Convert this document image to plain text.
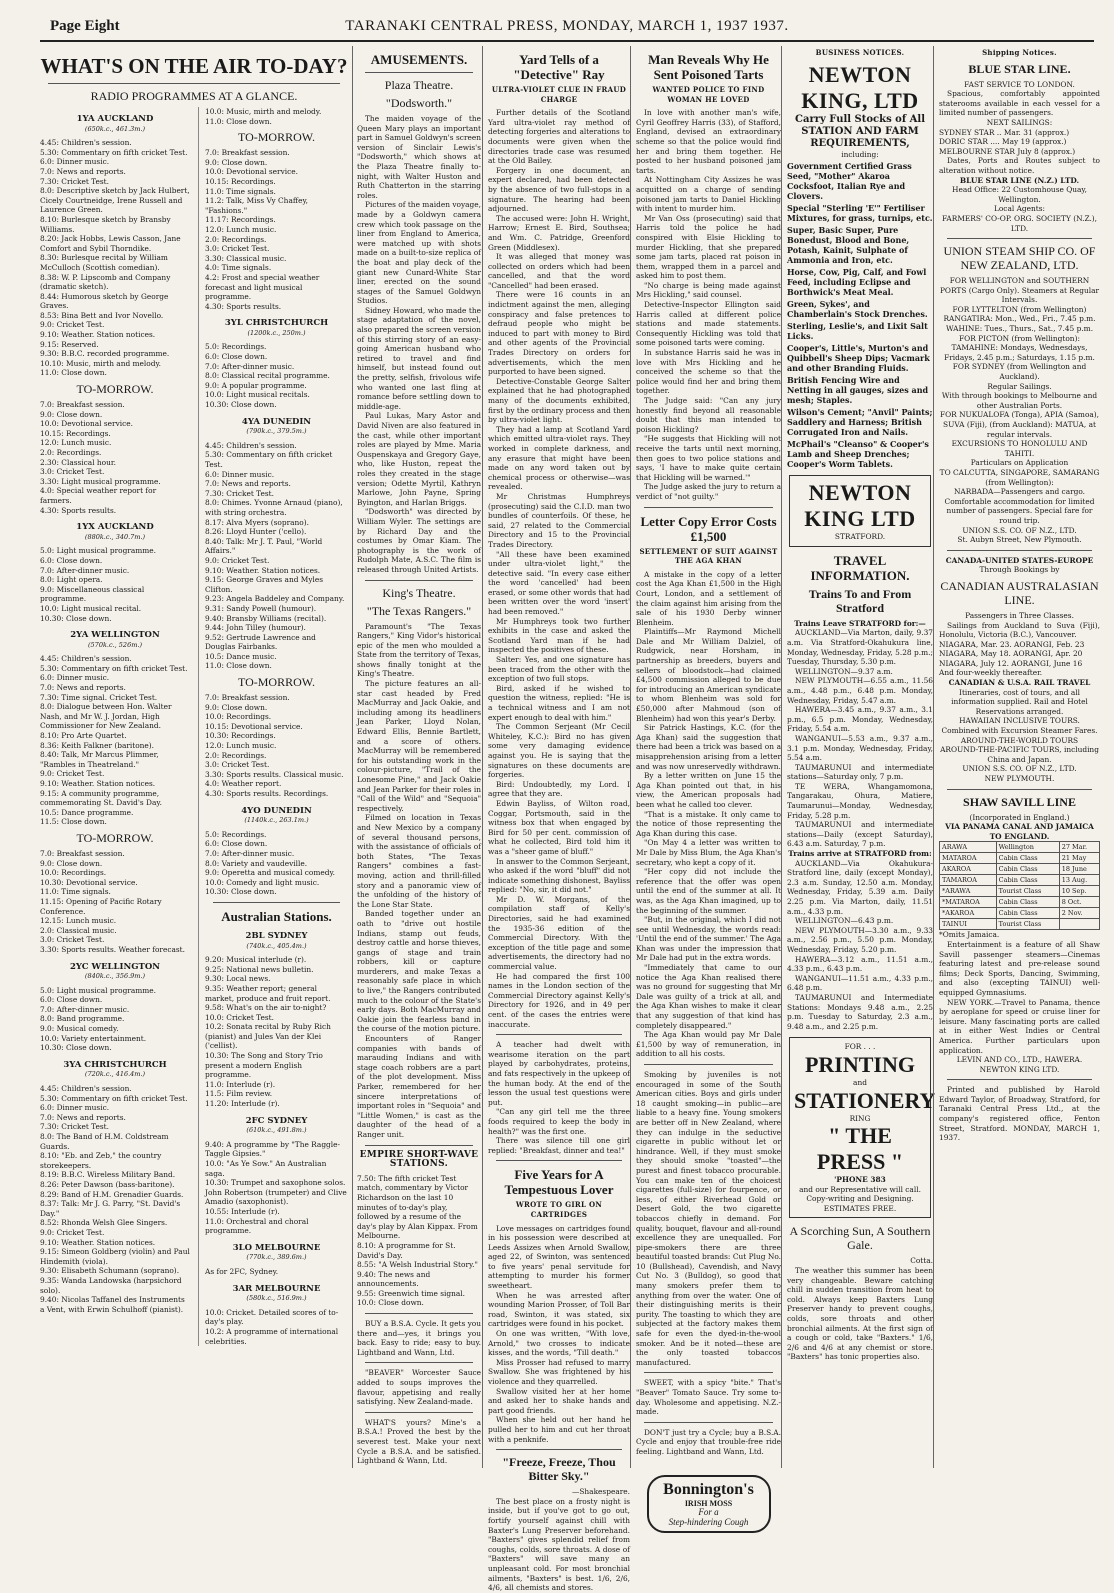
Page Eight	TARANAKI CENTRAL PRESS, MONDAY, MARCH 1, 1937 1937.
WHAT'S ON THE AIR TO-DAY?
RADIO PROGRAMMES AT A GLANCE.
1YA AUCKLAND
(650k.c., 461.3m.)
4.45: Children's session.
5.30: Commentary on fifth cricket Test.
6.0: Dinner music.
7.0: News and reports.
7.30: Cricket Test.
8.0: Descriptive sketch by Jack Hulbert, Cicely Courtneidge, Irene Russell and Laurence Green.
8.10: Burlesque sketch by Bransby Williams.
8.20: Jack Hobbs, Lewis Casson, Jane Comfort and Sybil Thorndike.
8.30: Burlesque recital by William McCulloch (Scottish comedian).
8.38: W. P. Lipscomb and Company (dramatic sketch).
8.44: Humorous sketch by George Graves.
8.53: Bina Bett and Ivor Novello.
9.0: Cricket Test.
9.10: Weather. Station notices.
9.15: Reserved.
9.30: B.B.C. recorded programme.
10.10: Music, mirth and melody.
11.0: Close down.
TO-MORROW.
7.0: Breakfast session.
9.0: Close down.
10.0: Devotional service.
10.15: Recordings.
12.0: Lunch music.
2.0: Recordings.
2.30: Classical hour.
3.0: Cricket Test.
3.30: Light musical programme.
4.0: Special weather report for farmers.
4.30: Sports results.
1YX AUCKLAND
(880k.c., 340.7m.)
5.0: Light musical programme.
6.0: Close down.
7.0: After-dinner music.
8.0: Light opera.
9.0: Miscellaneous classical programme.
10.0: Light musical recital.
10.30: Close down.
2YA WELLINGTON
(570k.c., 526m.)
4.45: Children's session.
5.30: Commentary on fifth cricket Test.
6.0: Dinner music.
7.0: News and reports.
7.30: Time signal. Cricket Test.
8.0: Dialogue between Hon. Walter Nash, and Mr W. J. Jordan, High Commissioner for New Zealand.
8.10: Pro Arte Quartet.
8.36: Keith Falkner (baritone).
8.40: Talk, Mr Marcus Plimmer, "Rambles in Theatreland."
9.0: Cricket Test.
9.10: Weather. Station notices.
9.15: A community programme, commemorating St. David's Day.
10.5: Dance programme.
11.5: Close down.
TO-MORROW.
7.0: Breakfast session.
9.0: Close down.
10.0: Recordings.
10.30: Devotional service.
11.0: Time signals.
11.15: Opening of Pacific Rotary Conference.
12.15: Lunch music.
2.0: Classical music.
3.0: Cricket Test.
3.30: Sports results. Weather forecast.
2YC WELLINGTON
(840k.c., 356.9m.)
5.0: Light musical programme.
6.0: Close down.
7.0: After-dinner music.
8.0: Band programme.
9.0: Musical comedy.
10.0: Variety entertainment.
10.30: Close down.
3YA CHRISTCHURCH
(720k.c., 416.4m.)
4.45: Children's session.
5.30: Commentary on fifth cricket Test.
6.0: Dinner music.
7.0: News and reports.
7.30: Cricket Test.
8.0: The Band of H.M. Coldstream Guards.
8.10: "Eb. and Zeb," the country storekeepers.
8.19: B.B.C. Wireless Military Band.
8.26: Peter Dawson (bass-baritone).
8.29: Band of H.M. Grenadier Guards.
8.37: Talk: Mr J. G. Parry, "St. David's Day."
8.52: Rhonda Welsh Glee Singers.
9.0: Cricket Test.
9.10: Weather. Station notices.
9.15: Simeon Goldberg (violin) and Paul Hindemith (viola).
9.30: Elisabeth Schumann (soprano).
9.35: Wanda Landowska (harpsichord solo).
9.40: Nicolas Taffanel des Instruments a Vent, with Erwin Schulhoff (pianist).
10.0: Music, mirth and melody.
11.0: Close down.
TO-MORROW.
7.0: Breakfast session.
9.0: Close down.
10.0: Devotional service.
10.15: Recordings.
11.0: Time signals.
11.2: Talk, Miss Vy Chaffey, "Fashions."
11.17: Recordings.
12.0: Lunch music.
2.0: Recordings.
3.0: Cricket Test.
3.30: Classical music.
4.0: Time signals.
4.2: Frost and special weather forecast and light musical programme.
4.30: Sports results.
3YL CHRISTCHURCH
(1200k.c., 250m.)
5.0: Recordings.
6.0: Close down.
7.0: After-dinner music.
8.0: Classical recital programme.
9.0: A popular programme.
10.0: Light musical recitals.
10.30: Close down.
4YA DUNEDIN
(790k.c., 379.5m.)
4.45: Children's session.
5.30: Commentary on fifth cricket Test.
6.0: Dinner music.
7.0: News and reports.
7.30: Cricket Test.
8.0: Chimes. Yvonne Arnaud (piano), with string orchestra.
8.17: Alva Myers (soprano).
8.26: Lloyd Hunter ('cello).
8.40: Talk: Mr J. T. Paul, "World Affairs."
9.0: Cricket Test.
9.10: Weather. Station notices.
9.15: George Graves and Myles Clifton.
9.23: Angela Baddeley and Company.
9.31: Sandy Powell (humour).
9.40: Bransby Williams (recital).
9.44: John Tilley (humour).
9.52: Gertrude Lawrence and Douglas Fairbanks.
10.5: Dance music.
11.0: Close down.
TO-MORROW.
7.0: Breakfast session.
9.0: Close down.
10.0: Recordings.
10.15: Devotional service.
10.30: Recordings.
12.0: Lunch music.
2.0: Recordings.
3.0: Cricket Test.
3.30: Sports results. Classical music.
4.0: Weather report.
4.30: Sports results. Recordings.
4YO DUNEDIN
(1140k.c., 263.1m.)
5.0: Recordings.
6.0: Close down.
7.0: After-dinner music.
8.0: Variety and vaudeville.
9.0: Operetta and musical comedy.
10.0: Comedy and light music.
10.30: Close down.
Australian Stations.
2BL SYDNEY
(740k.c., 405.4m.)
9.20: Musical interlude (r).
9.25: National news bulletin.
9.30: Local news.
9.35: Weather report; general market, produce and fruit report.
9.58: What's on the air to-night?
10.0: Cricket Test.
10.2: Sonata recital by Ruby Rich (pianist) and Jules Van der Klei ('cellist).
10.30: The Song and Story Trio present a modern English programme.
11.0: Interlude (r).
11.5: Film review.
11.20: Interlude (r).
2FC SYDNEY
(610k.c., 491.8m.)
9.40: A programme by "The Raggle-Taggle Gipsies."
10.0: "As Ye Sow." An Australian saga.
10.30: Trumpet and saxophone solos. John Robertson (trumpeter) and Clive Amadio (saxophonist).
10.55: Interlude (r).
11.0: Orchestral and choral programme.
3LO MELBOURNE
(770k.c., 389.6m.)
As for 2FC, Sydney.
3AR MELBOURNE
(580k.c., 516.9m.)
10.0: Cricket. Detailed scores of to-day's play.
10.2: A programme of international celebrities.
AMUSEMENTS.
Plaza Theatre.
"Dodsworth."

The maiden voyage of the Queen Mary plays an important part in Samuel Goldwyn's screen version of Sinclair Lewis's "Dodsworth," which shows at the Plaza Theatre finally to-night, with Walter Huston and Ruth Chatterton in the starring roles.

Pictures of the maiden voyage, made by a Goldwyn camera crew which took passage on the liner from England to America, were matched up with shots made on a built-to-size replica of the boat and play deck of the giant new Cunard-White Star liner, erected on the sound stages of the Samuel Goldwyn Studios.

Sidney Howard, who made the stage adaptation of the novel, also prepared the screen version of this stirring story of an easy-going American husband who retired to travel and find himself, but instead found out the pretty, selfish, frivolous wife who wanted one last fling at romance before settling down to middle-age.

Paul Lukas, Mary Astor and David Niven are also featured in the cast, while other important roles are played by Mme. Maria Ouspenskaya and Gregory Gaye, who, like Huston, repeat the roles they created in the stage version; Odette Myrtil, Kathryn Marlowe, John Payne, Spring Byington, and Harlan Briggs.

"Dodsworth" was directed by William Wyler. The settings are by Richard Day and the costumes by Omar Kiam. The photography is the work of Rudolph Mate, A.S.C. The film is released through United Artists.

King's Theatre.
"The Texas Rangers."

Paramount's "The Texas Rangers," King Vidor's historical epic of the men who moulded a State from the territory of Texas, shows finally tonight at the King's Theatre.

The picture features an all-star cast headed by Fred MacMurray and Jack Oakie, and including among its headliners Jean Parker, Lloyd Nolan, Edward Ellis, Bennie Bartlett, and a score of others. MacMurray will be remembered for his outstanding work in the colour-picture, "Trail of the Lonesome Pine," and Jack Oakie and Jean Parker for their roles in "Call of the Wild" and "Sequoia" respectively.

Filmed on location in Texas and New Mexico by a company of several thousand persons, with the assistance of officials of both States, "The Texas Rangers" combines a fast-moving, action and thrill-filled story and a panoramic view of the unfolding of the history of the Lone Star State.

Banded together under an oath to "drive out hostile Indians, stamp out feuds, destroy cattle and horse thieves, gangs of stage and train robbers, kill or capture murderers, and make Texas a reasonably safe place in which to live," the Rangers contributed much to the colour of the State's early days. Both MacMurray and Oakie join the fearless band in the course of the motion picture.

Encounters of Ranger companies with bands of marauding Indians and with stage coach robbers are a part of the plot development. Miss Parker, remembered for her sincere interpretations of important roles in "Sequoia" and "Little Women," is cast as the daughter of the head of a Ranger unit.

EMPIRE SHORT-WAVE STATIONS.
7.50: The fifth cricket Test match, commentary by Victor Richardson on the last 10 minutes of to-day's play, followed by a resume of the day's play by Alan Kippax. From Melbourne.
8.10: A programme for St. David's Day.
8.55: "A Welsh Industrial Story."
9.40: The news and announcements.
9.55: Greenwich time signal.
10.0: Close down.

BUY a B.S.A. Cycle. It gets you there and—yes, it brings you back. Easy to ride; easy to buy. Lightband and Wann, Ltd.

"BEAVER" Worcester Sauce added to soups improves the flavour, appetising and really satisfying. New Zealand-made.

WHAT'S yours? Mine's a B.S.A.! Proved the best by the severest test. Make your next Cycle a B.S.A. and be satisfied. Lightband & Wann, Ltd.

Yard Tells of a "Detective" Ray
ULTRA-VIOLET CLUE IN FRAUD CHARGE

Further details of the Scotland Yard ultra-violet ray method of detecting forgeries and alterations to documents were given when the directories trade case was resumed at the Old Bailey.

Forgery in one document, an expert declared, had been detected by the absence of two full-stops in a signature. The hearing had been adjourned.

The accused were: John H. Wright, Harrow; Ernest E. Bird, Southsea; and Wm. C. Patridge, Greenford Green (Middlesex).

It was alleged that money was collected on orders which had been cancelled, and that the word "Cancelled" had been erased.

There were 16 counts in an indictment against the men, alleging conspiracy and false pretences to defraud people who might be induced to part with money to Bird and other agents of the Provincial Trades Directory on orders for advertisements, which the men purported to have been signed.

Detective-Constable George Salter explained that he had photographed many of the documents exhibited, first by the ordinary process and then by ultra-violet light.

They had a lamp at Scotland Yard which emitted ultra-violet rays. They worked in complete darkness, and any erasure that might have been made on any word taken out by chemical process or otherwise—was revealed.

Mr Christmas Humphreys (prosecuting) said the C.I.D. man two bundles of counterfoils. Of these, he said, 27 related to the Commercial Directory and 15 to the Provincial Trades Directory.

"All these have been examined under ultra-violet light," the detective said. "In every case either the word 'cancelled' had been erased, or some other words that had been written over the word 'insert' had been removed."

Mr Humphreys took two further exhibits in the case and asked the Scotland Yard man if he had inspected the positives of these.

Salter: Yes, and one signature has been traced from the other with the exception of two full stops.

Bird, asked if he wished to question the witness, replied: "He is a technical witness and I am not expert enough to deal with him."

The Common Serjeant (Mr Cecil Whiteley, K.C.): Bird no has given some very damaging evidence against you. He is saying that the signatures on these documents are forgeries.

Bird: Undoubtedly, my Lord. I agree that they are.

Edwin Bayliss, of Wilton road, Coggar, Portsmouth, said in the witness box that when engaged by Bird for 50 per cent. commission of what he collected, Bird told him it was a "sheer game of bluff."

In answer to the Common Serjeant, who asked if the word "bluff" did not indicate something dishonest, Bayliss replied: "No, sir, it did not."

Mr D. W. Morgans, of the compilation staff of Kelly's Directories, said he had examined the 1935-36 edition of the Commercial Directory. With the exception of the title page and some advertisements, the directory had no commercial value.

He had compared the first 100 names in the London section of the Commercial Directory against Kelly's Directory for 1926, and in 49 per cent. of the cases the entries were inaccurate.

A teacher had dwelt with wearisome iteration on the part played by carbohydrates, proteins, and fats respectively in the upkeep of the human body. At the end of the lesson the usual test questions were put.

"Can any girl tell me the three foods required to keep the body in health?" was the first one.

There was silence till one girl replied: "Breakfast, dinner and tea!"

Five Years for A Tempestuous Lover
WROTE TO GIRL ON CARTRIDGES

Love messages on cartridges found in his possession were described at Leeds Assizes when Arnold Swallow, aged 22, of Swinton, was sentenced to five years' penal servitude for attempting to murder his former sweetheart.

When he was arrested after wounding Marion Prosser, of Toll Bar road, Swinton, it was stated, six cartridges were found in his pocket.

On one was written, "With love, Arnold," two crosses to indicate kisses, and the words, "Till death."

Miss Prosser had refused to marry Swallow. She was frightened by his violence and they quarrelled.

Swallow visited her at her home and asked her to shake hands and part good friends.

When she held out her hand he pulled her to him and cut her throat with a penknife.

"Freeze, Freeze, Thou Bitter Sky."
—Shakespeare.

The best place on a frosty night is inside, but if you've got to go out, fortify yourself against chill with Baxter's Lung Preserver beforehand. "Baxters" gives splendid relief from coughs, colds, sore throats. A dose of "Baxters" will save many an unpleasant cold. For most bronchial ailments, "Baxters" is best. 1/6, 2/6, 4/6, all chemists and stores.

Man Reveals Why He Sent Poisoned Tarts
WANTED POLICE TO FIND WOMAN HE LOVED

In love with another man's wife, Cyril Geoffrey Harris (33), of Stafford, England, devised an extraordinary scheme so that the police would find her and bring them together. He posted to her husband poisoned jam tarts.

At Nottingham City Assizes he was acquitted on a charge of sending poisoned jam tarts to Daniel Hickling with intent to murder him.

Mr Van Oss (prosecuting) said that Harris told the police he had conspired with Elsie Hickling to murder Hickling, that she prepared some jam tarts, placed rat poison in them, wrapped them in a parcel and asked him to post them.

"No charge is being made against Mrs Hickling," said counsel.

Detective-Inspector Ellington said Harris called at different police stations and made statements. Consequently Hickling was told that some poisoned tarts were coming.

In substance Harris said he was in love with Mrs Hickling and he conceived the scheme so that the police would find her and bring them together.

The Judge said: "Can any jury honestly find beyond all reasonable doubt that this man intended to poison Hickling?

"He suggests that Hickling will not receive the tarts until next morning, then goes to two police stations and says, 'I have to make quite certain that Hickling will be warned.'"

The Judge asked the jury to return a verdict of "not guilty."

Letter Copy Error Costs £1,500
SETTLEMENT OF SUIT AGAINST THE AGA KHAN

A mistake in the copy of a letter cost the Aga Khan £1,500 in the High Court, London, and a settlement of the claim against him arising from the sale of his 1930 Derby winner Blenheim.

Plaintiffs—Mr Raymond Michell Dale and Mr William Dalziel, of Rudgwick, near Horsham, in partnership as breeders, buyers and sellers of bloodstock—had claimed £4,500 commission alleged to be due for introducing an American syndicate to whom Blenheim was sold for £50,000 after Mahmoud (son of Blenheim) had won this year's Derby.

Sir Patrick Hastings, K.C. (for the Aga Khan) said the suggestion that there had been a trick was based on a misapprehension arising from a letter and was now unreservedly withdrawn.

By a letter written on June 15 the Aga Khan pointed out that, in his view, the American proposals had been what he called too clever.

"That is a mistake. It only came to the notice of those representing the Aga Khan during this case.

"On May 4 a letter was written to Mr Dale by Miss Blum, the Aga Khan's secretary, who kept a copy of it.

"Her copy did not include the reference that the offer was open until the end of the summer at all. It was, as the Aga Khan imagined, up to the beginning of the summer.

"But, in the original, which I did not see until Wednesday, the words read: 'Until the end of the summer.' The Aga Khan was under the impression that Mr Dale had put in the extra words.

"Immediately that came to our notice the Aga Khan realised there was no ground for suggesting that Mr Dale was guilty of a trick at all, and the Aga Khan wishes to make it clear that any suggestion of that kind has completely disappeared."

The Aga Khan would pay Mr Dale £1,500 by way of remuneration, in addition to all his costs.

Smoking by juveniles is not encouraged in some of the South American cities. Boys and girls under 18 caught smoking—in public—are liable to a heavy fine. Young smokers are better off in New Zealand, where they can indulge in the seductive cigarette in public without let or hindrance. Well, if they must smoke they should smoke "toasted"—the purest and finest tobacco procurable. You can make ten of the choicest cigarettes (full-size) for fourpence, or less, of either Riverhead Gold or Desert Gold, the two cigarette tobaccos chiefly in demand. For quality, bouquet, flavour and all-round excellence they are unequalled. For pipe-smokers there are three beautiful toasted brands: Cut Plug No. 10 (Bullshead), Cavendish, and Navy Cut No. 3 (Bulldog), so good that many smokers prefer them to anything from over the water. One of their distinguishing merits is their purity. The toasting to which they are subjected at the factory makes them safe for even the dyed-in-the-wool smoker. And be it noted—these are the only toasted tobaccos manufactured.

SWEET, with a spicy "bite." That's "Beaver" Tomato Sauce. Try some to-day. Wholesome and appetising. N.Z.-made.

DON'T just try a Cycle; buy a B.S.A. Cycle and enjoy that trouble-free ride feeling. Lightband and Wann, Ltd.

Bonnington's
IRISH MOSS
For a
Step-hindering Cough
BUSINESS NOTICES.
NEWTON KING, LTD
Carry Full Stocks of All STATION AND FARM REQUIREMENTS,
including:
Government Certified Grass Seed, "Mother" Akaroa Cocksfoot, Italian Rye and Clovers.
Special "Sterling 'E'" Fertiliser Mixtures, for grass, turnips, etc.
Super, Basic Super, Pure Bonedust, Blood and Bone, Potash, Kainit, Sulphate of Ammonia and Iron, etc.
Horse, Cow, Pig, Calf, and Fowl Feed, including Eclipse and Borthwick's Meat Meal.
Green, Sykes', and Chamberlain's Stock Drenches.
Sterling, Leslie's, and Lixit Salt Licks.
Cooper's, Little's, Murton's and Quibbell's Sheep Dips; Vacmark and other Branding Fluids.
British Fencing Wire and Netting in all gauges, sizes and mesh; Staples.
Wilson's Cement; "Anvil" Paints; Saddlery and Harness; British Corrugated Iron and Nails.
McPhail's "Cleanso" & Cooper's Lamb and Sheep Drenches; Cooper's Worm Tablets.
NEWTON KING LTD
STRATFORD.
TRAVEL INFORMATION.
Trains To and From Stratford
Trains Leave STRATFORD for:—

AUCKLAND—Via Marton, daily, 9.37 a.m. Via Stratford-Okahukura line, Monday, Wednesday, Friday, 5.28 p.m.; Tuesday, Thursday, 5.30 p.m.

WELLINGTON—9.37 a.m.

NEW PLYMOUTH—6.55 a.m., 11.56 a.m., 4.48 p.m., 6.48 p.m. Monday, Wednesday, Friday, 5.47 a.m.

HAWERA—3.45 a.m., 9.37 a.m., 3.1 p.m., 6.5 p.m. Monday, Wednesday, Friday, 5.54 a.m.

WANGANUI—5.53 a.m., 9.37 a.m., 3.1 p.m. Monday, Wednesday, Friday, 5.54 a.m.

TAUMARUNUI and intermediate stations—Saturday only, 7 p.m.

TE WERA, Whangamomona, Tangarakau, Ohura, Matiere, Taumarunui—Monday, Wednesday, Friday, 5.28 p.m.

TAUMARUNUI and intermediate stations—Daily (except Saturday), 6.43 a.m. Saturday, 7 p.m.

Trains arrive at STRATFORD from:

AUCKLAND—Via Okahukura-Stratford line, daily (except Monday), 2.3 a.m. Sunday, 12.50 a.m. Monday, Wednesday, Friday, 5.39 a.m. Daily 2.25 p.m. Via Marton, daily, 11.51 a.m., 4.33 p.m.

WELLINGTON—6.43 p.m.

NEW PLYMOUTH—3.30 a.m., 9.33 a.m., 2.56 p.m., 5.50 p.m. Monday, Wednesday, Friday, 5.20 p.m.

HAWERA—3.12 a.m., 11.51 a.m., 4.33 p.m., 6.43 p.m.

WANGANUI—11.51 a.m., 4.33 p.m., 6.48 p.m.

TAUMARUNUI and Intermediate Stations: Mondays 9.48 a.m., 2.25 p.m. Tuesday to Saturday, 2.3 a.m., 9.48 a.m., and 2.25 p.m.

FOR . . .
PRINTING
and
STATIONERY
RING
" THE PRESS "
'PHONE 383
and our Representative will call.
Copy-writing and Designing.
ESTIMATES FREE.
A Scorching Sun, A Southern Gale.
Cotta.

The weather this summer has been very changeable. Beware catching chill in sudden transition from heat to cold. Always keep Baxters Lung Preserver handy to prevent coughs, colds, sore throats and other bronchial ailments. At the first sign of a cough or cold, take "Baxters." 1/6, 2/6 and 4/6 at any chemist or store. "Baxters" has tonic properties also.

Shipping Notices.
BLUE STAR LINE.
FAST SERVICE TO LONDON.

Spacious, comfortably appointed staterooms available in each vessel for a limited number of passengers.

NEXT SAILINGS:
SYDNEY STAR .. Mar. 31 (approx.)
DORIC STAR .... May 19 (approx.)
MELBOURNE STAR July 8 (approx.)

Dates, Ports and Routes subject to alteration without notice.

BLUE STAR LINE (N.Z.) LTD.
Head Office: 22 Customhouse Quay, Wellington.
Local Agents:
FARMERS' CO-OP. ORG. SOCIETY (N.Z.), LTD.
UNION STEAM SHIP CO. OF NEW ZEALAND, LTD.
FOR WELLINGTON and SOUTHERN PORTS (Cargo Only). Steamers at Regular Intervals.
FOR LYTTELTON (from Wellington)
RANGATIRA: Mon., Wed., Fri., 7.45 p.m.
WAHINE: Tues., Thurs., Sat., 7.45 p.m.
FOR PICTON (from Wellington):
TAMAHINE: Mondays, Wednesdays, Fridays, 2.45 p.m.; Saturdays, 1.15 p.m.
FOR SYDNEY (from Wellington and Auckland).
Regular Sailings.
With through bookings to Melbourne and other Australian Ports.
FOR NUKUALOFA (Tonga), APIA (Samoa), SUVA (Fiji), (from Auckland): MATUA, at regular intervals.
EXCURSIONS TO HONOLULU AND TAHITI.
Particulars on Application
TO CALCUTTA, SINGAPORE, SAMARANG (from Wellington):
NARBADA—Passengers and cargo. Comfortable accommodation for limited number of passengers. Special fare for round trip.
UNION S.S. CO. OF N.Z., LTD.
St. Aubyn Street, New Plymouth.
CANADA-UNITED STATES-EUROPE
Through Bookings by
CANADIAN AUSTRALASIAN LINE.
Passengers in Three Classes.

Sailings from Auckland to Suva (Fiji), Honolulu, Victoria (B.C.), Vancouver.

NIAGARA, Mar. 23. AORANGI, Feb. 23
NIAGARA, May 18. AORANGI, Apr. 20
NIAGARA, July 12. AORANGI, June 16
And four-weekly thereafter.
CANADIAN & U.S.A. RAIL TRAVEL
Itineraries, cost of tours, and all information supplied. Rail and Hotel Reservations arranged.
HAWAIIAN INCLUSIVE TOURS. Combined with Excursion Steamer Fares.
AROUND-THE-WORLD TOURS
AROUND-THE-PACIFIC TOURS, including China and Japan.
UNION S.S. CO. OF N.Z., LTD.
NEW PLYMOUTH.
SHAW SAVILL LINE
(Incorporated in England.)
VIA PANAMA CANAL AND JAMAICA TO ENGLAND.
ARAWA	Wellington	27 Mar.
MATAROA	Cabin Class	21 May
AKAROA	Cabin Class	18 June
TAMAROA	Cabin Class	13 Aug.
*ARAWA	Tourist Class	10 Sep.
*MATAROA	Cabin Class	8 Oct.
*AKAROA	Cabin Class	2 Nov.
TAINUI	Tourist Class	
*Omits Jamaica.

Entertainment is a feature of all Shaw Savill passenger steamers—Cinemas featuring latest and pre-release sound films; Deck Sports, Dancing, Swimming, and also (excepting TAINUI) well-equipped Gymnasiums.

NEW YORK.—Travel to Panama, thence by aeroplane for speed or cruise liner for leisure. Many fascinating ports are called at in either West Indies or Central America. Further particulars upon application.

LEVIN AND CO., LTD., HAWERA. NEWTON KING LTD.

Printed and published by Harold Edward Taylor, of Broadway, Stratford, for Taranaki Central Press Ltd., at the company's registered office, Fenton Street, Stratford. MONDAY, MARCH 1, 1937.
